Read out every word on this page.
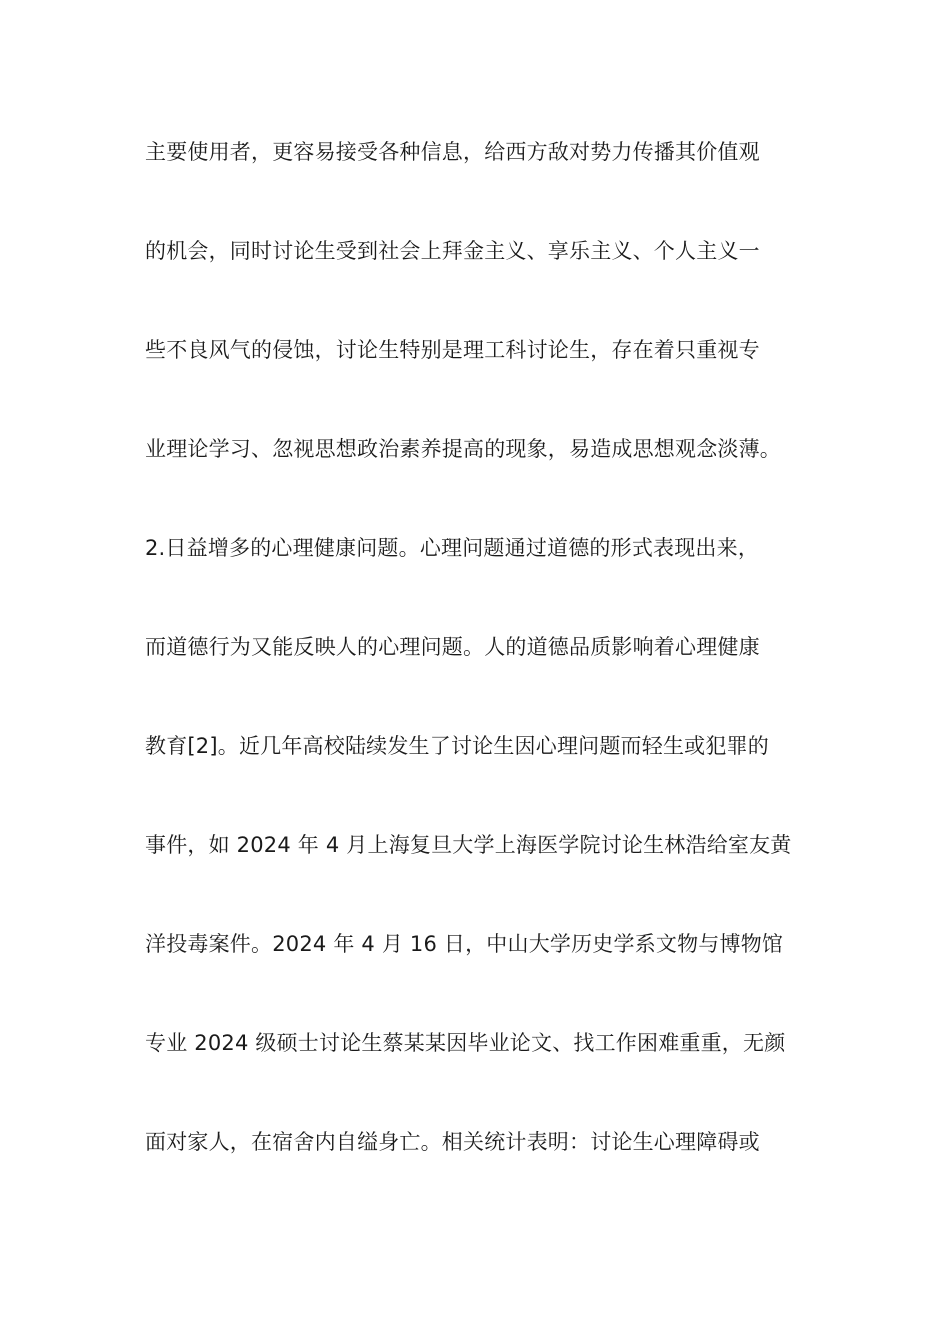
主要使用者，更容易接受各种信息，给西方敌对势力传播其价值观
的机会，同时讨论生受到社会上拜金主义、享乐主义、个人主义一
些不良风气的侵蚀，讨论生特别是理工科讨论生，存在着只重视专
业理论学习、忽视思想政治素养提高的现象，易造成思想观念淡薄。
2.日益增多的心理健康问题。心理问题通过道德的形式表现出来，
而道德行为又能反映人的心理问题。人的道德品质影响着心理健康
教育[2]。近几年高校陆续发生了讨论生因心理问题而轻生或犯罪的
事件，如 2024 年 4 月上海复旦大学上海医学院讨论生林浩给室友黄
洋投毒案件。2024 年 4 月 16 日，中山大学历史学系文物与博物馆
专业 2024 级硕士讨论生蔡某某因毕业论文、找工作困难重重，无颜
面对家人，在宿舍内自缢身亡。相关统计表明：讨论生心理障碍或
